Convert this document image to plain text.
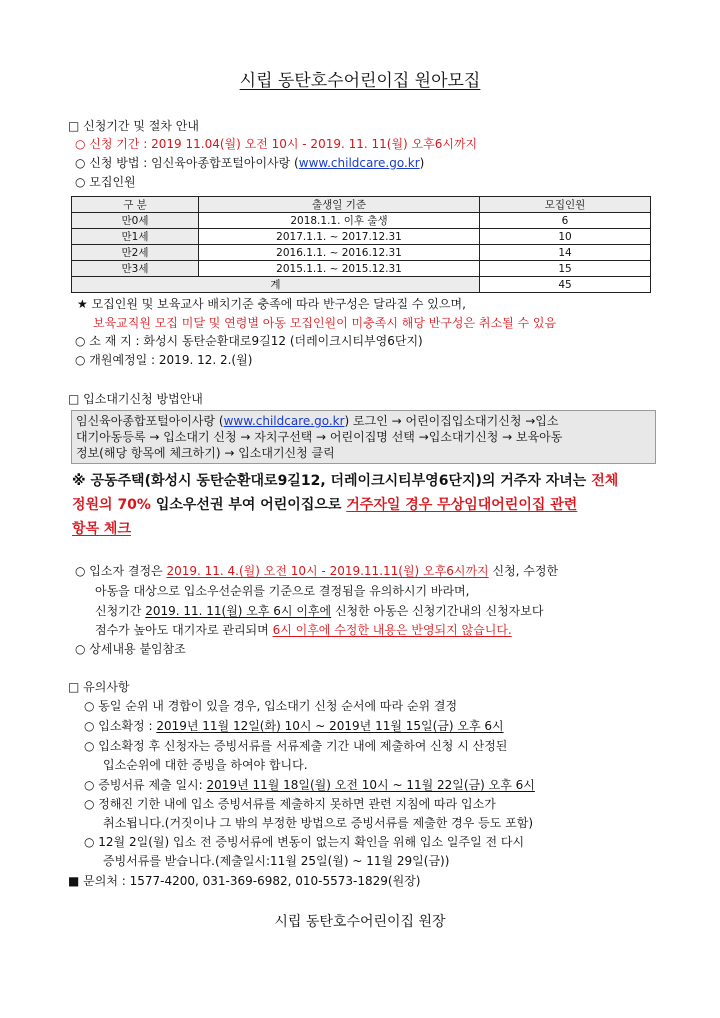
시립 동탄호수어린이집 원아모집
□ 신청기간 및 절차 안내
○ 신청 기간 : 2019 11.04(월) 오전 10시 - 2019. 11. 11(월) 오후6시까지
○ 신청 방법 : 임신육아종합포털아이사랑 (www.childcare.go.kr)
○ 모집인원
구 분	출생일 기준	모집인원
만0세	2018.1.1. 이후 출생	6
만1세	2017.1.1. ~ 2017.12.31	10
만2세	2016.1.1. ~ 2016.12.31	14
만3세	2015.1.1. ~ 2015.12.31	15
계		45
★ 모집인원 및 보육교사 배치기준 충족에 따라 반구성은 달라질 수 있으며,
보육교직원 모집 미달 및 연령별 아동 모집인원이 미충족시 해당 반구성은 취소될 수 있음
○ 소 재 지 : 화성시 동탄순환대로9길12 (더레이크시티부영6단지)
○ 개원예정일 : 2019. 12. 2.(월)
□ 입소대기신청 방법안내
임신육아종합포털아이사랑 (www.childcare.go.kr) 로그인 → 어린이집입소대기신청 →입소
대기아동등록 → 입소대기 신청 → 자치구선택 → 어린이집명 선택 →입소대기신청 → 보육아동
정보(해당 항목에 체크하기) → 입소대기신청 클릭
※ 공동주택(화성시 동탄순환대로9길12, 더레이크시티부영6단지)의 거주자 자녀는 전체
정원의 70% 입소우선권 부여 어린이집으로 거주자일 경우 무상임대어린이집 관련
항목 체크
○ 입소자 결정은 2019. 11. 4.(월) 오전 10시 - 2019.11.11(월) 오후6시까지 신청, 수정한
아동을 대상으로 입소우선순위를 기준으로 결정됨을 유의하시기 바라며,
신청기간 2019. 11. 11(월) 오후 6시 이후에 신청한 아동은 신청기간내의 신청자보다
점수가 높아도 대기자로 관리되며 6시 이후에 수정한 내용은 반영되지 않습니다.
○ 상세내용 붙임참조
□ 유의사항
○ 동일 순위 내 경합이 있을 경우, 입소대기 신청 순서에 따라 순위 결정
○ 입소확정 : 2019년 11월 12일(화) 10시 ~ 2019년 11월 15일(금) 오후 6시
○ 입소확정 후 신청자는 증빙서류를 서류제출 기간 내에 제출하여 신청 시 산정된
입소순위에 대한 증빙을 하여야 합니다.
○ 증빙서류 제출 일시: 2019년 11월 18일(월) 오전 10시 ~ 11월 22일(금) 오후 6시
○ 정해진 기한 내에 입소 증빙서류를 제출하지 못하면 관련 지침에 따라 입소가
취소됩니다.(거짓이나 그 밖의 부정한 방법으로 증빙서류를 제출한 경우 등도 포함)
○ 12월 2일(월) 입소 전 증빙서류에 변동이 없는지 확인을 위해 입소 일주일 전 다시
증빙서류를 받습니다.(제출일시:11월 25일(월) ~ 11월 29일(금))
■ 문의처 : 1577-4200, 031-369-6982, 010-5573-1829(원장)
시립 동탄호수어린이집 원장
